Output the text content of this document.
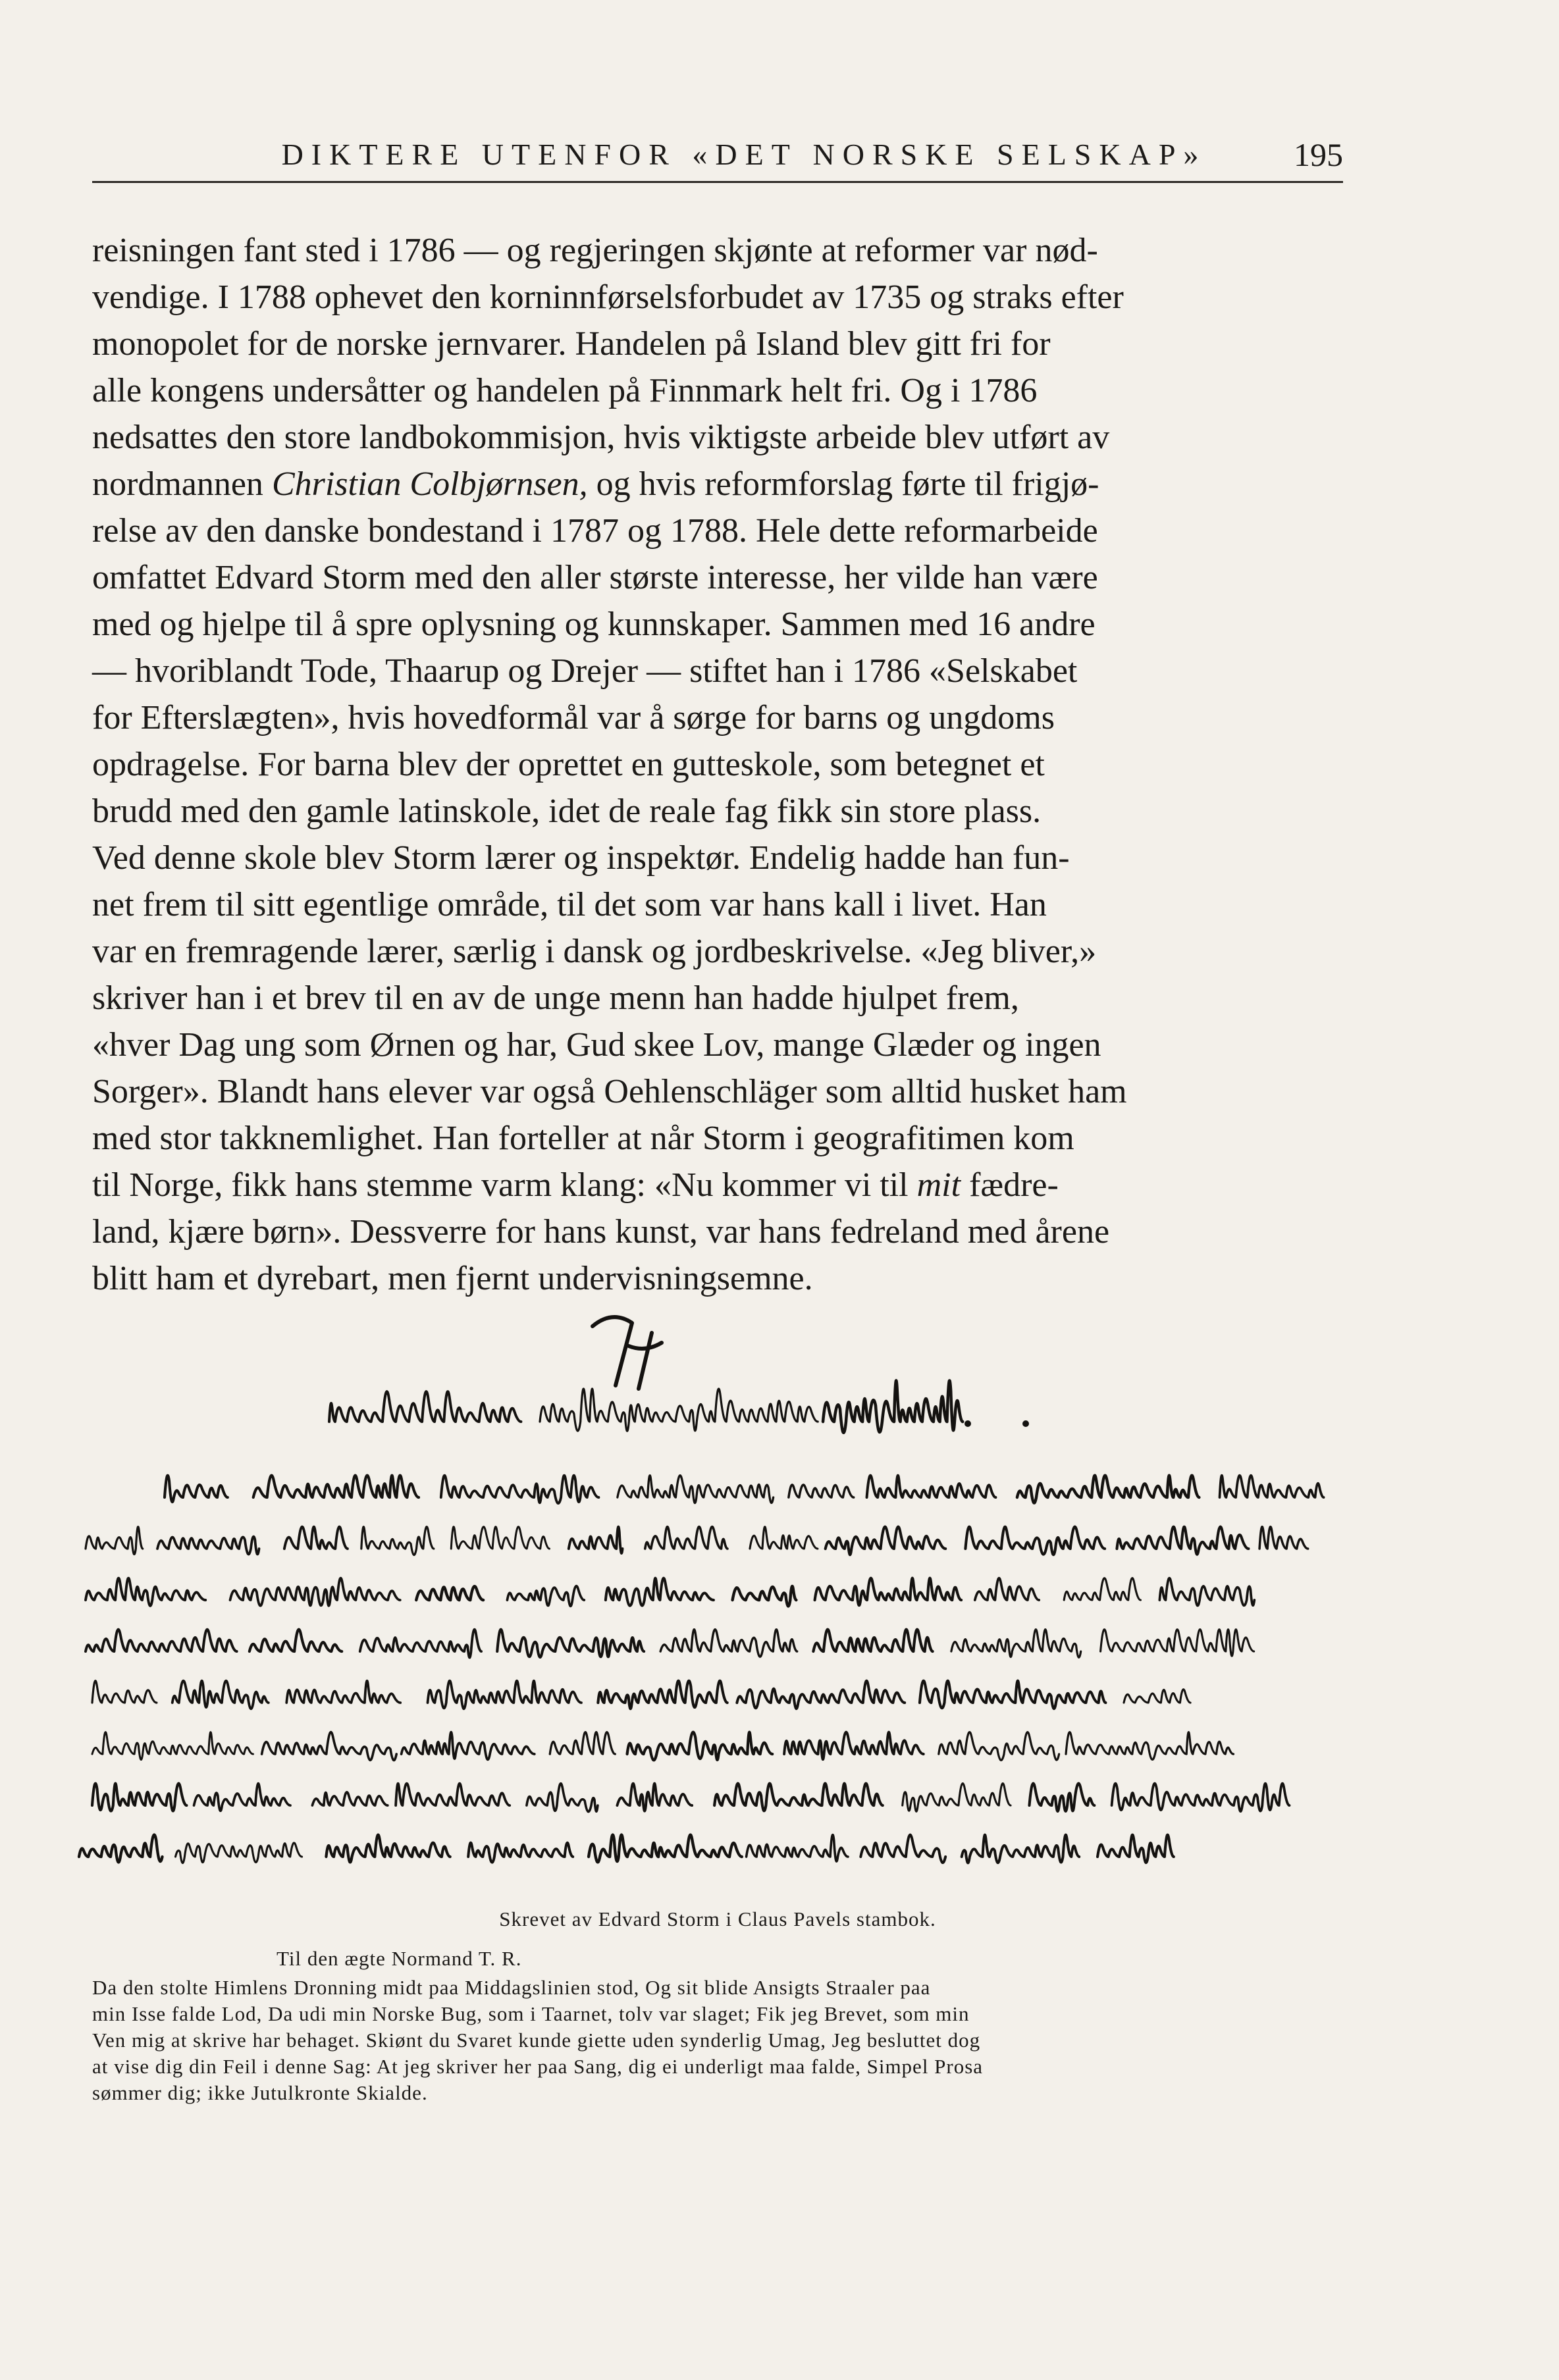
DIKTERE UTENFOR «DET NORSKE SELSKAP»	195
reisningen fant sted i 1786 — og regjeringen skjønte at reformer var nød-
vendige. I 1788 ophevet den korninnførselsforbudet av 1735 og straks efter
monopolet for de norske jernvarer. Handelen på Island blev gitt fri for
alle kongens undersåtter og handelen på Finnmark helt fri. Og i 1786
nedsattes den store landbokommisjon, hvis viktigste arbeide blev utført av
nordmannen Christian Colbjørnsen, og hvis reformforslag førte til frigjø-
relse av den danske bondestand i 1787 og 1788. Hele dette reformarbeide
omfattet Edvard Storm med den aller største interesse, her vilde han være
med og hjelpe til å spre oplysning og kunnskaper. Sammen med 16 andre
— hvoriblandt Tode, Thaarup og Drejer — stiftet han i 1786 «Selskabet
for Efterslægten», hvis hovedformål var å sørge for barns og ungdoms
opdragelse. For barna blev der oprettet en gutteskole, som betegnet et
brudd med den gamle latinskole, idet de reale fag fikk sin store plass.
Ved denne skole blev Storm lærer og inspektør. Endelig hadde han fun-
net frem til sitt egentlige område, til det som var hans kall i livet. Han
var en fremragende lærer, særlig i dansk og jordbeskrivelse. «Jeg bliver,»
skriver han i et brev til en av de unge menn han hadde hjulpet frem,
«hver Dag ung som Ørnen og har, Gud skee Lov, mange Glæder og ingen
Sorger». Blandt hans elever var også Oehlenschläger som alltid husket ham
med stor takknemlighet. Han forteller at når Storm i geografitimen kom
til Norge, fikk hans stemme varm klang: «Nu kommer vi til mit fædre-
land, kjære børn». Dessverre for hans kunst, var hans fedreland med årene
blitt ham et dyrebart, men fjernt undervisningsemne.
Skrevet av Edvard Storm i Claus Pavels stambok.
Til den ægte Normand T. R.
Da den stolte Himlens Dronning midt paa Middagslinien stod, Og sit blide Ansigts Straaler paa
min Isse falde Lod, Da udi min Norske Bug, som i Taarnet, tolv var slaget; Fik jeg Brevet, som min
Ven mig at skrive har behaget. Skiønt du Svaret kunde giette uden synderlig Umag, Jeg besluttet dog
at vise dig din Feil i denne Sag: At jeg skriver her paa Sang, dig ei underligt maa falde, Simpel Prosa
sømmer dig; ikke Jutulkronte Skialde.
